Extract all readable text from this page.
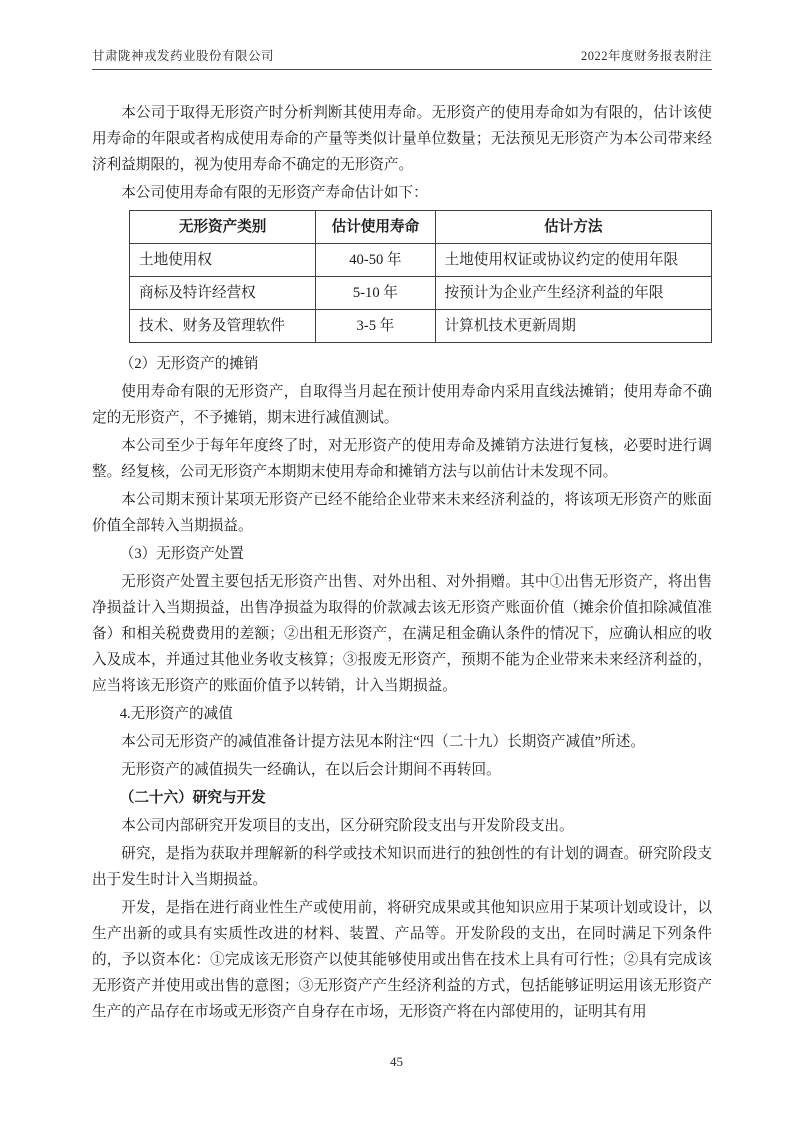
甘肃陇神戎发药业股份有限公司	2022年度财务报表附注

本公司于取得无形资产时分析判断其使用寿命。无形资产的使用寿命如为有限的，估计该使用寿命的年限或者构成使用寿命的产量等类似计量单位数量；无法预见无形资产为本公司带来经济利益期限的，视为使用寿命不确定的无形资产。

本公司使用寿命有限的无形资产寿命估计如下：

无形资产类别	估计使用寿命	估计方法
土地使用权	40-50 年	土地使用权证或协议约定的使用年限
商标及特许经营权	5-10 年	按预计为企业产生经济利益的年限
技术、财务及管理软件	3-5 年	计算机技术更新周期

（2）无形资产的摊销

使用寿命有限的无形资产，自取得当月起在预计使用寿命内采用直线法摊销；使用寿命不确定的无形资产，不予摊销，期末进行减值测试。

本公司至少于每年年度终了时，对无形资产的使用寿命及摊销方法进行复核，必要时进行调整。经复核，公司无形资产本期期末使用寿命和摊销方法与以前估计未发现不同。

本公司期末预计某项无形资产已经不能给企业带来未来经济利益的，将该项无形资产的账面价值全部转入当期损益。

（3）无形资产处置

无形资产处置主要包括无形资产出售、对外出租、对外捐赠。其中①出售无形资产，将出售净损益计入当期损益，出售净损益为取得的价款减去该无形资产账面价值（摊余价值扣除减值准备）和相关税费费用的差额；②出租无形资产，在满足租金确认条件的情况下，应确认相应的收入及成本，并通过其他业务收支核算；③报废无形资产，预期不能为企业带来未来经济利益的，应当将该无形资产的账面价值予以转销，计入当期损益。

4.无形资产的减值

本公司无形资产的减值准备计提方法见本附注“四（二十九）长期资产减值”所述。

无形资产的减值损失一经确认，在以后会计期间不再转回。

（二十六）研究与开发

本公司内部研究开发项目的支出，区分研究阶段支出与开发阶段支出。

研究，是指为获取并理解新的科学或技术知识而进行的独创性的有计划的调查。研究阶段支出于发生时计入当期损益。

开发，是指在进行商业性生产或使用前，将研究成果或其他知识应用于某项计划或设计，以生产出新的或具有实质性改进的材料、装置、产品等。开发阶段的支出，在同时满足下列条件的，予以资本化：①完成该无形资产以使其能够使用或出售在技术上具有可行性；②具有完成该无形资产并使用或出售的意图；③无形资产产生经济利益的方式，包括能够证明运用该无形资产生产的产品存在市场或无形资产自身存在市场，无形资产将在内部使用的，证明其有用

45
